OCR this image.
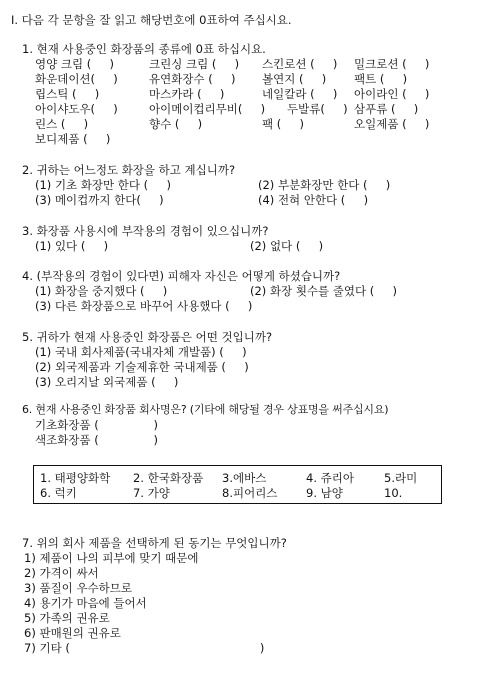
I. 다음 각 문항을 잘 읽고 해당번호에 0표하여 주십시요.
1. 현재 사용중인 화장품의 종류에 0표 하십시요.
영양 크림 (     )	크린싱 크림 (     ) 스킨로션 (     ) 밀크로션 (     )
화운데이션(     )	유연화장수 (     ) 볼연지 (     ) 팩트 (     )
립스틱 (     )	마스카라 (     )	네일칼라 (     ) 아이라인 (     )
아이샤도우(     )	아이메이컵리무비(     ) 두발류(     ) 삼푸류 (     )
린스 (     )	향수 (     )	팩 (     )	오일제품 (     )
보디제품 (     )
2. 귀하는 어느정도 화장을 하고 계십니까?
(1) 기초 화장만 한다 (     )	(2) 부분화장만 한다 (     )
(3) 메이컵까지 한다(     )	(4) 전혀 안한다 (     )
3. 화장품 사용시에 부작용의 경험이 있으십니까?
(1) 있다 (     )	(2) 없다 (     )
4. (부작용의 경험이 있다면) 피해자 자신은 어떻게 하셨습니까?
(1) 화장을 중지했다 (     )	(2) 화장 횟수를 줄였다 (     )
(3) 다른 화장품으로 바꾸어 사용했다 (     )
5. 귀하가 현재 사용중인 화장품은 어떤 것입니까?
(1) 국내 회사제품(국내자체 개발품) (     )
(2) 외국제품과 기술제휴한 국내제품 (     )
(3) 오리지날 외국제품 (     )
6. 현재 사용중인 화장품 회사명은? (기타에 해당될 경우 상표명을 써주십시요)
기초화장품 (               )
색조화장품 (               )
1. 태평양화학 2. 한국화장품 3.에바스	4. 쥬리아	5.라미
6. 럭키	7. 가양	8.피어리스 9. 남양	10.
7. 위의 회사 제품을 선택하게 된 동기는 무엇입니까?
1) 제품이 나의 피부에 맞기 때문에
2) 가격이 싸서
3) 품질이 우수하므로
4) 용기가 마음에 들어서
5) 가족의 권유로
6) 판매원의 권유로
7) 기타 (                                                    )
